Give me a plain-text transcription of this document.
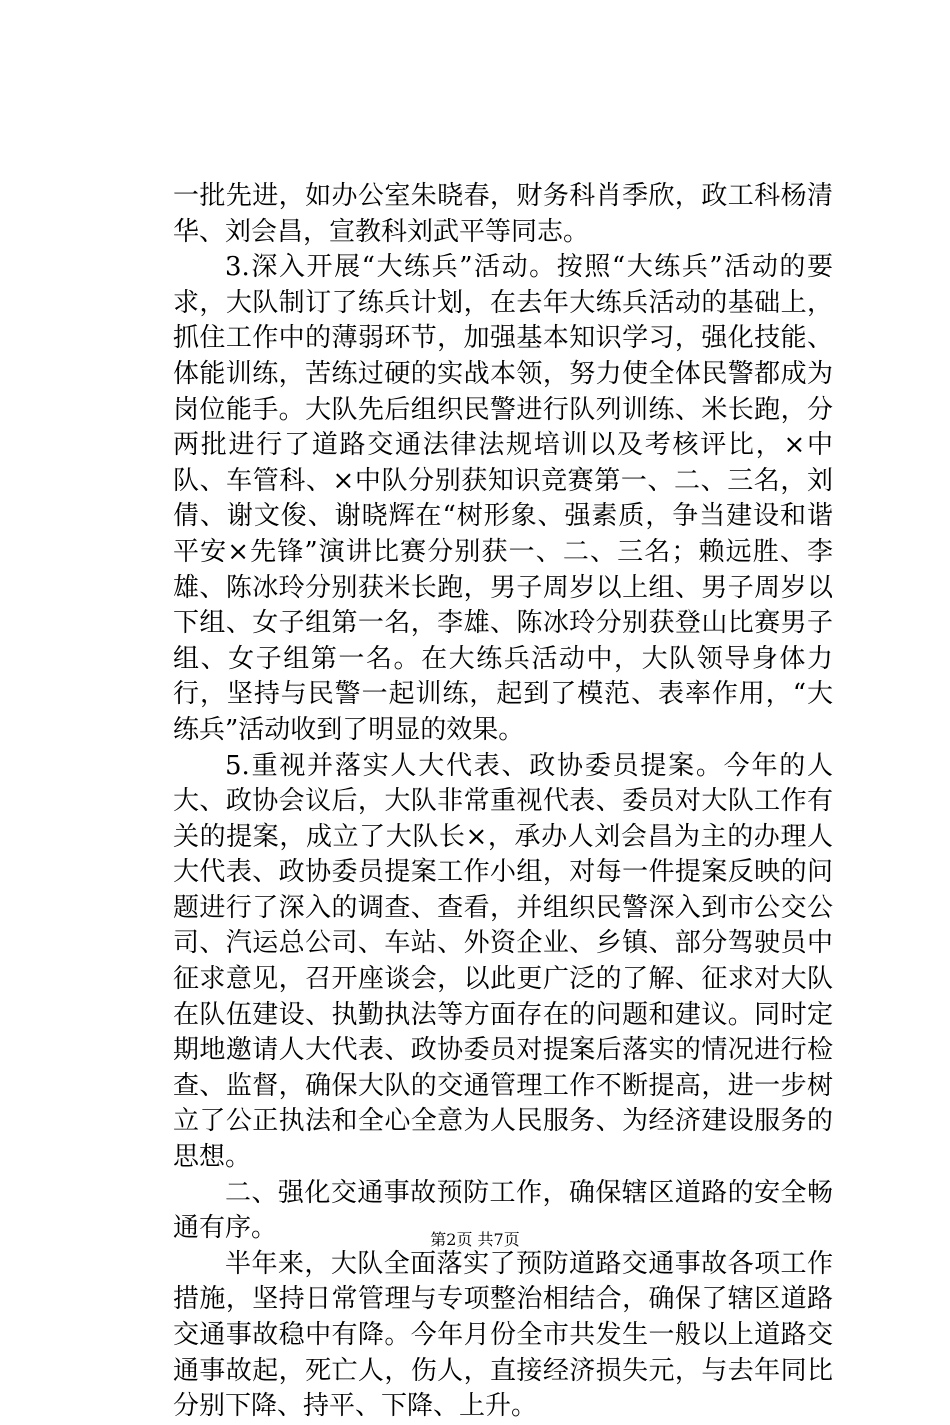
一批先进，如办公室朱晓春，财务科肖季欣，政工科杨清华、刘会昌，宣教科刘武平等同志。

3.深入开展“大练兵”活动。按照“大练兵”活动的要求，大队制订了练兵计划，在去年大练兵活动的基础上，抓住工作中的薄弱环节，加强基本知识学习，强化技能、体能训练，苦练过硬的实战本领，努力使全体民警都成为岗位能手。大队先后组织民警进行队列训练、米长跑，分两批进行了道路交通法律法规培训以及考核评比，×中队、车管科、×中队分别获知识竞赛第一、二、三名，刘倩、谢文俊、谢晓辉在“树形象、强素质，争当建设和谐平安×先锋”演讲比赛分别获一、二、三名；赖远胜、李雄、陈冰玲分别获米长跑，男子周岁以上组、男子周岁以下组、女子组第一名，李雄、陈冰玲分别获登山比赛男子组、女子组第一名。在大练兵活动中，大队领导身体力行，坚持与民警一起训练，起到了模范、表率作用，“大练兵”活动收到了明显的效果。

5.重视并落实人大代表、政协委员提案。今年的人大、政协会议后，大队非常重视代表、委员对大队工作有关的提案，成立了大队长×，承办人刘会昌为主的办理人大代表、政协委员提案工作小组，对每一件提案反映的问题进行了深入的调查、查看，并组织民警深入到市公交公司、汽运总公司、车站、外资企业、乡镇、部分驾驶员中征求意见，召开座谈会，以此更广泛的了解、征求对大队在队伍建设、执勤执法等方面存在的问题和建议。同时定期地邀请人大代表、政协委员对提案后落实的情况进行检查、监督，确保大队的交通管理工作不断提高，进一步树立了公正执法和全心全意为人民服务、为经济建设服务的思想。

二、强化交通事故预防工作，确保辖区道路的安全畅通有序。

半年来，大队全面落实了预防道路交通事故各项工作措施，坚持日常管理与专项整治相结合，确保了辖区道路交通事故稳中有降。今年月份全市共发生一般以上道路交通事故起，死亡人，伤人，直接经济损失元，与去年同比分别下降、持平、下降、上升。

第2页 共7页
